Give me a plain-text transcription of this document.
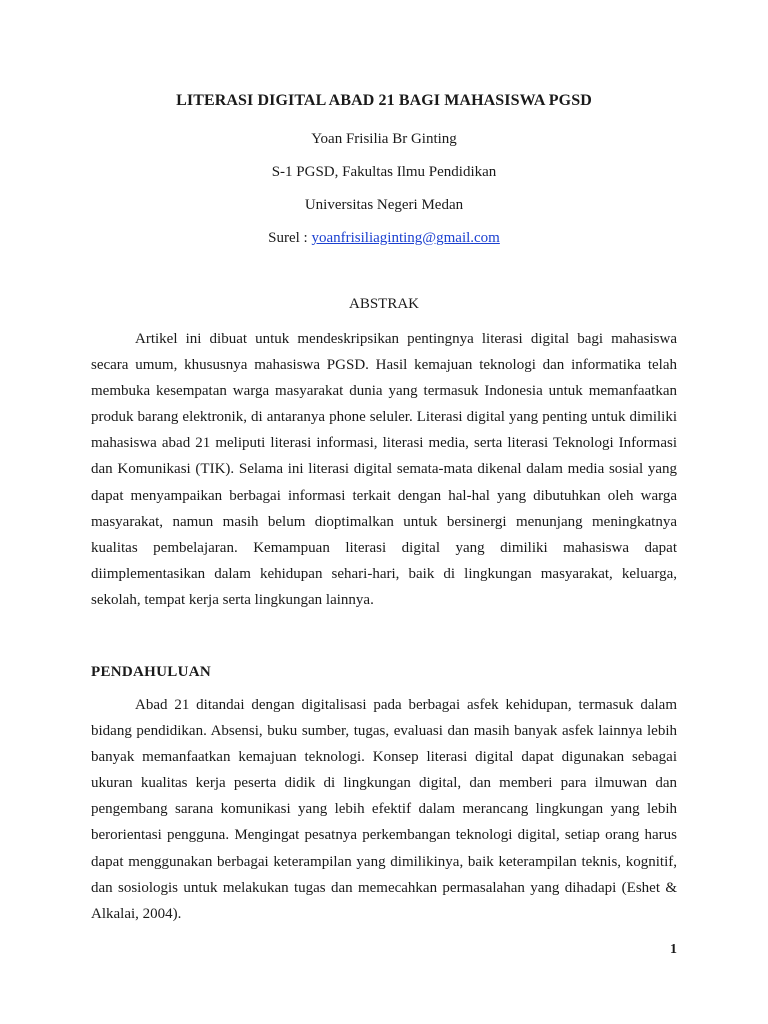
LITERASI DIGITAL ABAD 21 BAGI MAHASISWA PGSD
Yoan Frisilia Br Ginting
S-1 PGSD, Fakultas Ilmu Pendidikan
Universitas Negeri Medan
Surel : yoanfrisiliaginting@gmail.com
ABSTRAK

Artikel ini dibuat untuk mendeskripsikan pentingnya literasi digital bagi mahasiswa secara umum, khususnya mahasiswa PGSD. Hasil kemajuan teknologi dan informatika telah membuka kesempatan warga masyarakat dunia yang termasuk Indonesia untuk memanfaatkan produk barang elektronik, di antaranya phone seluler. Literasi digital yang penting untuk dimiliki mahasiswa abad 21 meliputi literasi informasi, literasi media, serta literasi Teknologi Informasi dan Komunikasi (TIK). Selama ini literasi digital semata-mata dikenal dalam media sosial yang dapat menyampaikan berbagai informasi terkait dengan hal-hal yang dibutuhkan oleh warga masyarakat, namun masih belum dioptimalkan untuk bersinergi menunjang meningkatnya kualitas pembelajaran. Kemampuan literasi digital yang dimiliki mahasiswa dapat diimplementasikan dalam kehidupan sehari-hari, baik di lingkungan masyarakat, keluarga, sekolah, tempat kerja serta lingkungan lainnya.

PENDAHULUAN

Abad 21 ditandai dengan digitalisasi pada berbagai asfek kehidupan, termasuk dalam bidang pendidikan. Absensi, buku sumber, tugas, evaluasi dan masih banyak asfek lainnya lebih banyak memanfaatkan kemajuan teknologi. Konsep literasi digital dapat digunakan sebagai ukuran kualitas kerja peserta didik di lingkungan digital, dan memberi para ilmuwan dan pengembang sarana komunikasi yang lebih efektif dalam merancang lingkungan yang lebih berorientasi pengguna. Mengingat pesatnya perkembangan teknologi digital, setiap orang harus dapat menggunakan berbagai keterampilan yang dimilikinya, baik keterampilan teknis, kognitif, dan sosiologis untuk melakukan tugas dan memecahkan permasalahan yang dihadapi (Eshet & Alkalai, 2004).

1
